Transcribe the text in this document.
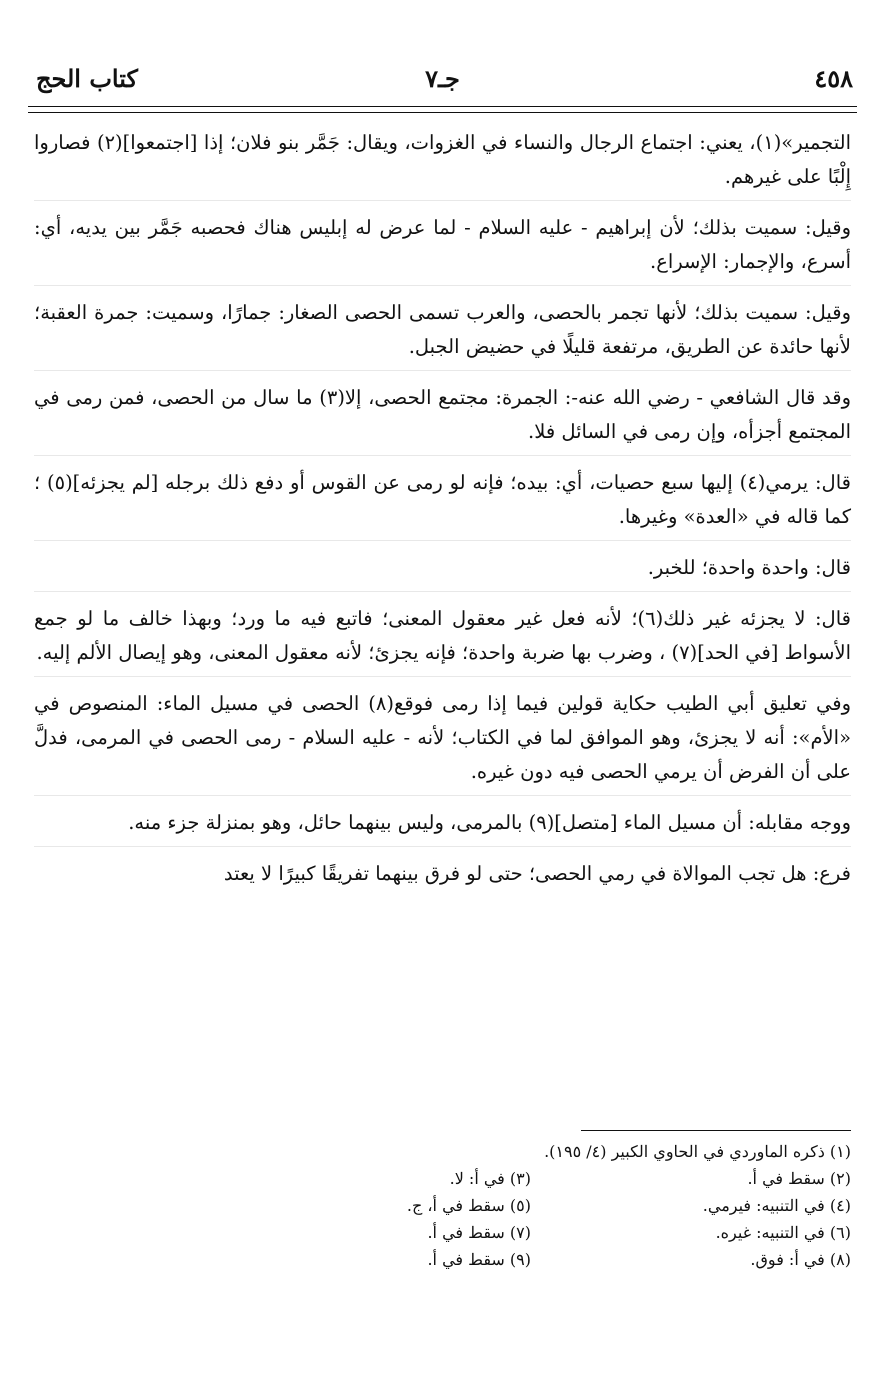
٤٥٨
جـ٧
كتاب الحج

التجمير»(١)، يعني: اجتماع الرجال والنساء في الغزوات، ويقال: جَمَّر بنو فلان؛ إذا [اجتمعوا](٢) فصاروا إِلْبًا على غيرهم.

وقيل: سميت بذلك؛ لأن إبراهيم - عليه السلام - لما عرض له إبليس هناك فحصبه جَمَّر بين يديه، أي: أسرع، والإجمار: الإسراع.

وقيل: سميت بذلك؛ لأنها تجمر بالحصى، والعرب تسمى الحصى الصغار: جمارًا، وسميت: جمرة العقبة؛ لأنها حائدة عن الطريق، مرتفعة قليلًا في حضيض الجبل.

وقد قال الشافعي - رضي الله عنه-: الجمرة: مجتمع الحصى، إلا(٣) ما سال من الحصى، فمن رمى في المجتمع أجزأه، وإن رمى في السائل فلا.

قال: يرمي(٤) إليها سبع حصيات، أي: بيده؛ فإنه لو رمى عن القوس أو دفع ذلك برجله [لم يجزئه](٥) ؛ كما قاله في «العدة» وغيرها.

قال: واحدة واحدة؛ للخبر.

قال: لا يجزئه غير ذلك(٦)؛ لأنه فعل غير معقول المعنى؛ فاتبع فيه ما ورد؛ وبهذا خالف ما لو جمع الأسواط [في الحد](٧) ، وضرب بها ضربة واحدة؛ فإنه يجزئ؛ لأنه معقول المعنى، وهو إيصال الألم إليه.

وفي تعليق أبي الطيب حكاية قولين فيما إذا رمى فوقع(٨) الحصى في مسيل الماء: المنصوص في «الأم»: أنه لا يجزئ، وهو الموافق لما في الكتاب؛ لأنه - عليه السلام - رمى الحصى في المرمى، فدلَّ على أن الفرض أن يرمي الحصى فيه دون غيره.

ووجه مقابله: أن مسيل الماء [متصل](٩) بالمرمى، وليس بينهما حائل، وهو بمنزلة جزء منه.

فرع: هل تجب الموالاة في رمي الحصى؛ حتى لو فرق بينهما تفريقًا كبيرًا لا يعتد

(١) ذكره الماوردي في الحاوي الكبير (٤/ ١٩٥).
(٢) سقط في أ.
(٣) في أ: لا.
(٤) في التنبيه: فيرمي.
(٥) سقط في أ، ج.
(٦) في التنبيه: غيره.
(٧) سقط في أ.
(٨) في أ: فوق.
(٩) سقط في أ.
